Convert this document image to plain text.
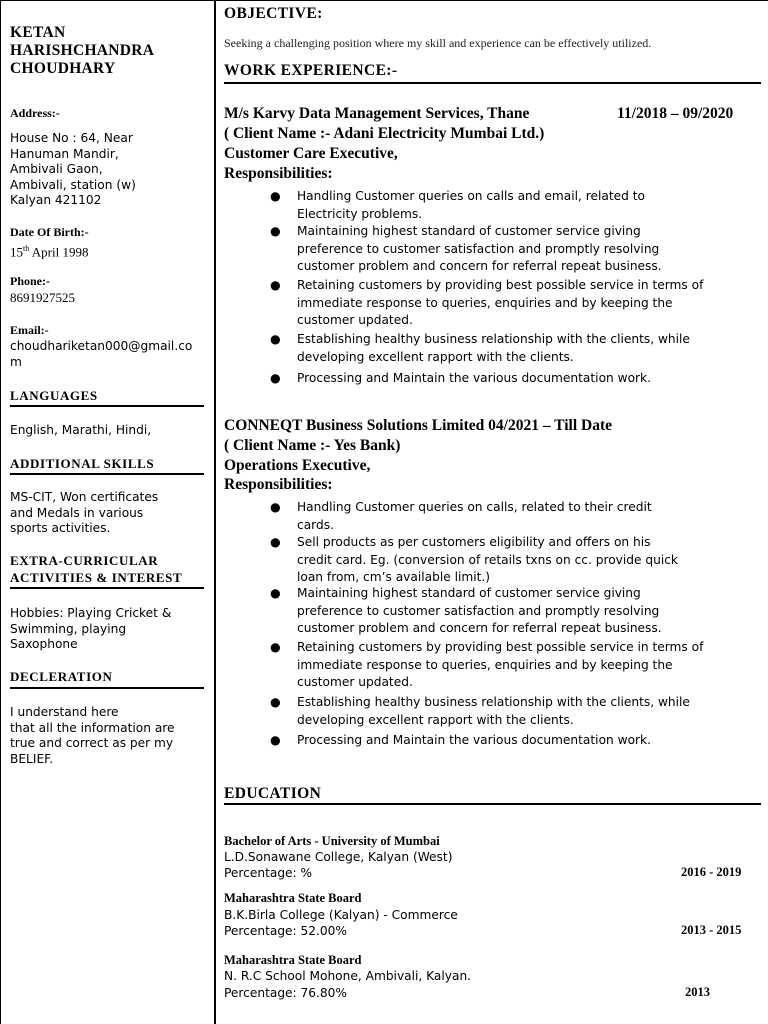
KETAN
HARISHCHANDRA
CHOUDHARY
Address:-
House No : 64, Near
Hanuman Mandir,
Ambivali Gaon,
Ambivali, station (w)
Kalyan 421102
Date Of Birth:-
15th April 1998
Phone:-
8691927525
Email:-
choudhariketan000@gmail.co
m
LANGUAGES
English, Marathi, Hindi,
ADDITIONAL SKILLS
MS-CIT, Won certificates
and Medals in various
sports activities.
EXTRA-CURRICULAR
ACTIVITIES & INTEREST
Hobbies: Playing Cricket &
Swimming, playing
Saxophone
DECLERATION
I understand here
that all the information are
true and correct as per my
BELIEF.
OBJECTIVE:
Seeking a challenging position where my skill and experience can be effectively utilized.
WORK EXPERIENCE:-
M/s Karvy Data Management Services, Thane	11/2018 – 09/2020
( Client Name :- Adani Electricity Mumbai Ltd.)
Customer Care Executive,
Responsibilities:
● Handling Customer queries on calls and email, related to
Electricity problems.
● Maintaining highest standard of customer service giving
preference to customer satisfaction and promptly resolving
customer problem and concern for referral repeat business.
● Retaining customers by providing best possible service in terms of
immediate response to queries, enquiries and by keeping the
customer updated.
● Establishing healthy business relationship with the clients, while
developing excellent rapport with the clients.
● Processing and Maintain the various documentation work.
CONNEQT Business Solutions Limited 04/2021 – Till Date
( Client Name :- Yes Bank)
Operations Executive,
Responsibilities:
● Handling Customer queries on calls, related to their credit
cards.
● Sell products as per customers eligibility and offers on his
credit card. Eg. (conversion of retails txns on cc. provide quick
loan from, cm’s available limit.)
● Maintaining highest standard of customer service giving
preference to customer satisfaction and promptly resolving
customer problem and concern for referral repeat business.
● Retaining customers by providing best possible service in terms of
immediate response to queries, enquiries and by keeping the
customer updated.
● Establishing healthy business relationship with the clients, while
developing excellent rapport with the clients.
● Processing and Maintain the various documentation work.
EDUCATION
Bachelor of Arts - University of Mumbai
L.D.Sonawane College, Kalyan (West)
Percentage: %	2016 - 2019
Maharashtra State Board
B.K.Birla College (Kalyan) - Commerce
Percentage: 52.00%	2013 - 2015
Maharashtra State Board
N. R.C School Mohone, Ambivali, Kalyan.
Percentage: 76.80%	2013
